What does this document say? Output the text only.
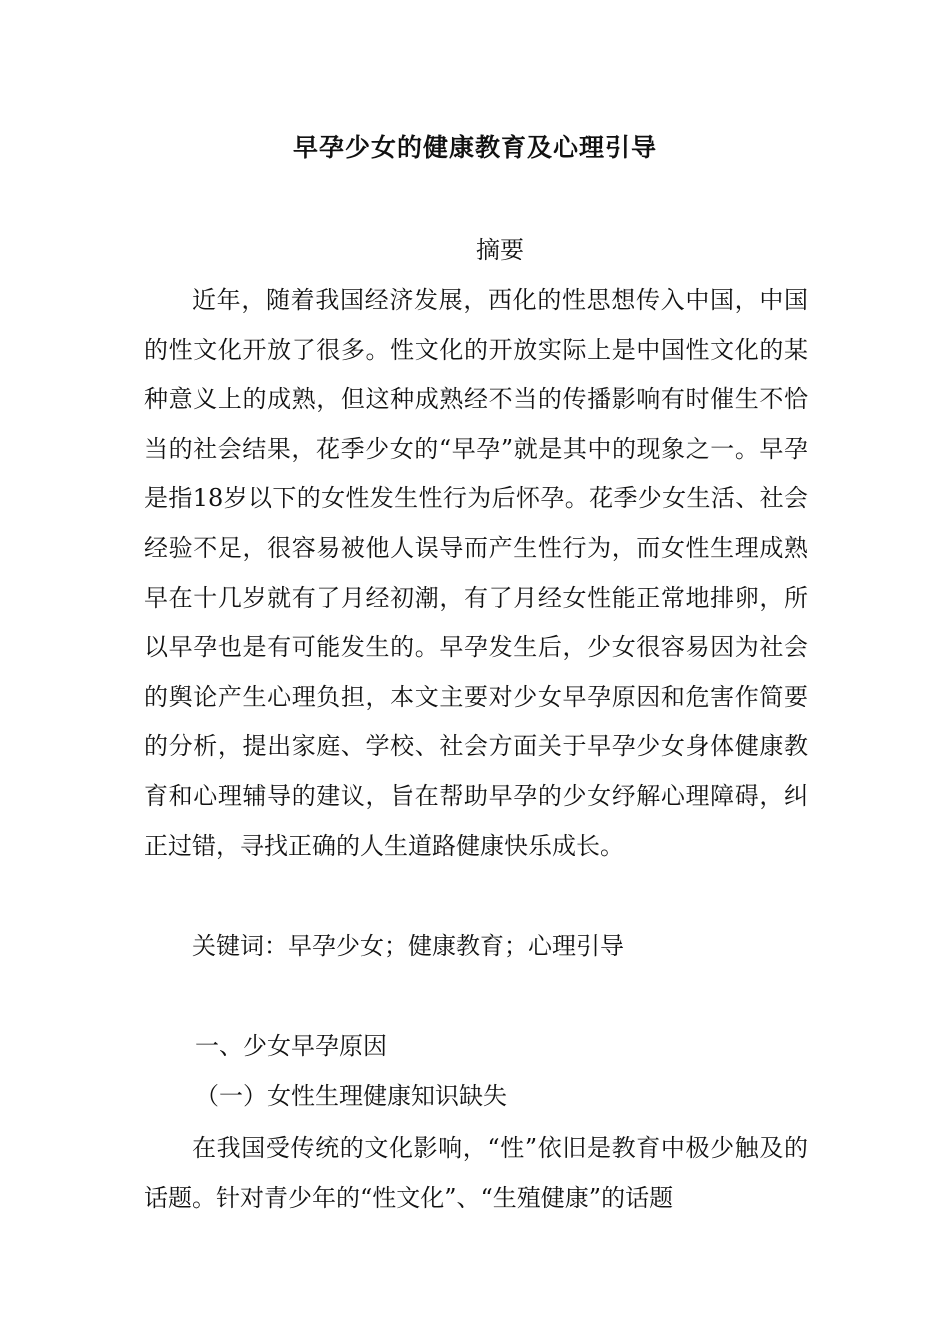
早孕少女的健康教育及心理引导
摘要

近年，随着我国经济发展，西化的性思想传入中国，中国的性文化开放了很多。性文化的开放实际上是中国性文化的某种意义上的成熟，但这种成熟经不当的传播影响有时催生不恰当的社会结果，花季少女的“早孕”就是其中的现象之一。早孕是指18岁以下的女性发生性行为后怀孕。花季少女生活、社会经验不足，很容易被他人误导而产生性行为，而女性生理成熟早在十几岁就有了月经初潮，有了月经女性能正常地排卵，所以早孕也是有可能发生的。早孕发生后，少女很容易因为社会的舆论产生心理负担，本文主要对少女早孕原因和危害作简要的分析，提出家庭、学校、社会方面关于早孕少女身体健康教育和心理辅导的建议，旨在帮助早孕的少女纾解心理障碍，纠正过错，寻找正确的人生道路健康快乐成长。

关键词：早孕少女；健康教育；心理引导

一、少女早孕原因
（一）女性生理健康知识缺失

在我国受传统的文化影响，“性”依旧是教育中极少触及的话题。针对青少年的“性文化”、“生殖健康”的话题
